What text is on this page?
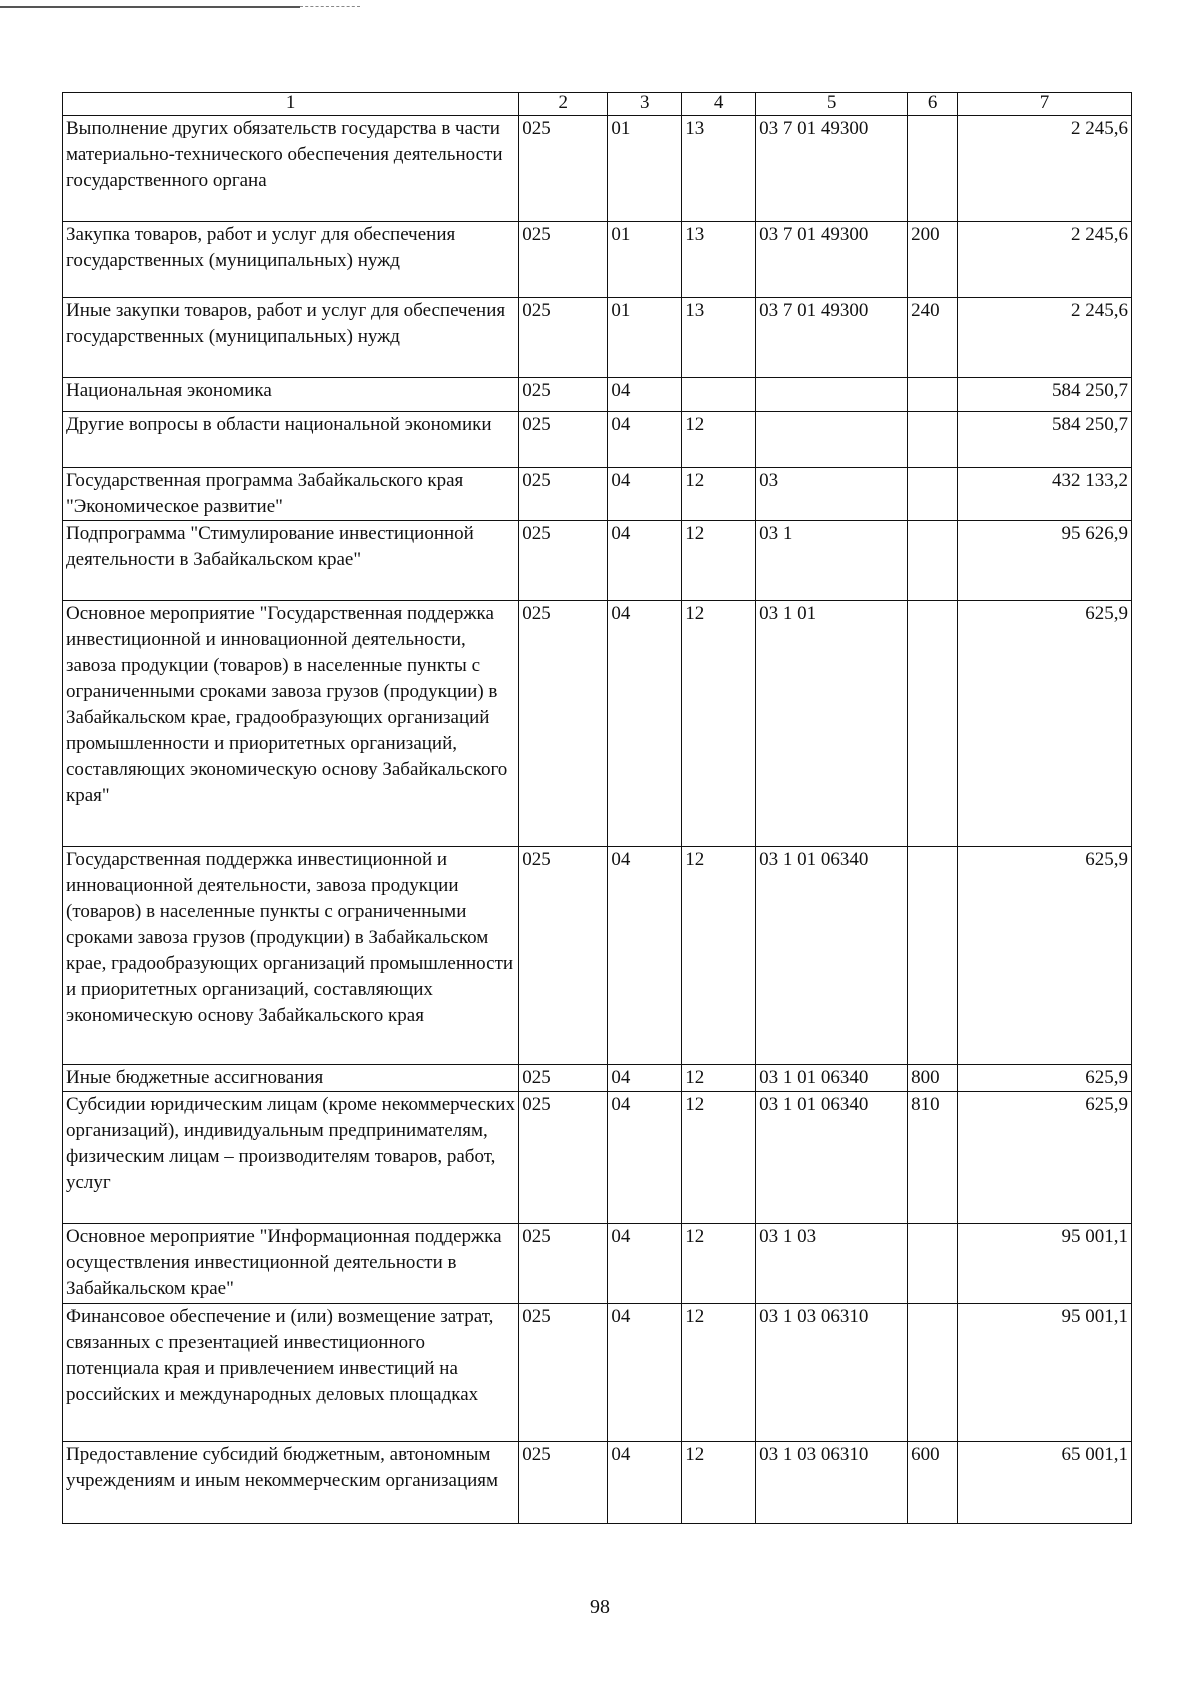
1	2	3	4	5	6	7
Выполнение других обязательств государства в части материально-технического обеспечения деятельности государственного органа	025	01	13	03 7 01 49300		2 245,6
Закупка товаров, работ и услуг для обеспечения государственных (муниципальных) нужд	025	01	13	03 7 01 49300	200	2 245,6
Иные закупки товаров, работ и услуг для обеспечения государственных (муниципальных) нужд	025	01	13	03 7 01 49300	240	2 245,6
Национальная экономика	025	04				584 250,7
Другие вопросы в области национальной экономики	025	04	12			584 250,7
Государственная программа Забайкальского края "Экономическое развитие"	025	04	12	03		432 133,2
Подпрограмма "Стимулирование инвестиционной деятельности в Забайкальском крае"	025	04	12	03 1		95 626,9
Основное мероприятие "Государственная поддержка инвестиционной и инновационной деятельности, завоза продукции (товаров) в населенные пункты с ограниченными сроками завоза грузов (продукции) в Забайкальском крае, градообразующих организаций промышленности и приоритетных организаций, составляющих экономическую основу Забайкальского края"	025	04	12	03 1 01		625,9
Государственная поддержка инвестиционной и инновационной деятельности, завоза продукции (товаров) в населенные пункты с ограниченными сроками завоза грузов (продукции) в Забайкальском крае, градообразующих организаций промышленности и приоритетных организаций, составляющих экономическую основу Забайкальского края	025	04	12	03 1 01 06340		625,9
Иные бюджетные ассигнования	025	04	12	03 1 01 06340	800	625,9
Субсидии юридическим лицам (кроме некоммерческих организаций), индивидуальным предпринимателям, физическим лицам – производителям товаров, работ, услуг	025	04	12	03 1 01 06340	810	625,9
Основное мероприятие "Информационная поддержка осуществления инвестиционной деятельности в Забайкальском крае"	025	04	12	03 1 03		95 001,1
Финансовое обеспечение и (или) возмещение затрат, связанных с презентацией инвестиционного потенциала края и привлечением инвестиций на российских и международных деловых площадках	025	04	12	03 1 03 06310		95 001,1
Предоставление субсидий бюджетным, автономным учреждениям и иным некоммерческим организациям	025	04	12	03 1 03 06310	600	65 001,1
98
